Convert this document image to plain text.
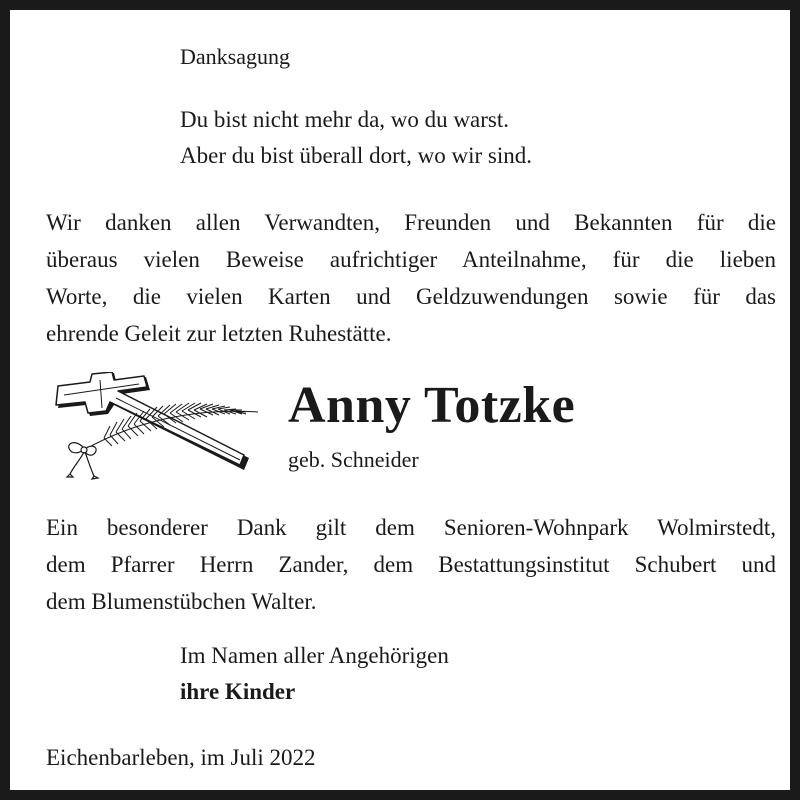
Danksagung
Du bist nicht mehr da, wo du warst.
Aber du bist überall dort, wo wir sind.
Wir danken allen Verwandten, Freunden und Bekannten für die
überaus vielen Beweise aufrichtiger Anteilnahme, für die lieben
Worte, die vielen Karten und Geldzuwendungen sowie für das
ehrende Geleit zur letzten Ruhestätte.
Anny Totzke
geb. Schneider
Ein besonderer Dank gilt dem Senioren-Wohnpark Wolmirstedt,
dem Pfarrer Herrn Zander, dem Bestattungsinstitut Schubert und
dem Blumenstübchen Walter.
Im Namen aller Angehörigen
ihre Kinder
Eichenbarleben, im Juli 2022
